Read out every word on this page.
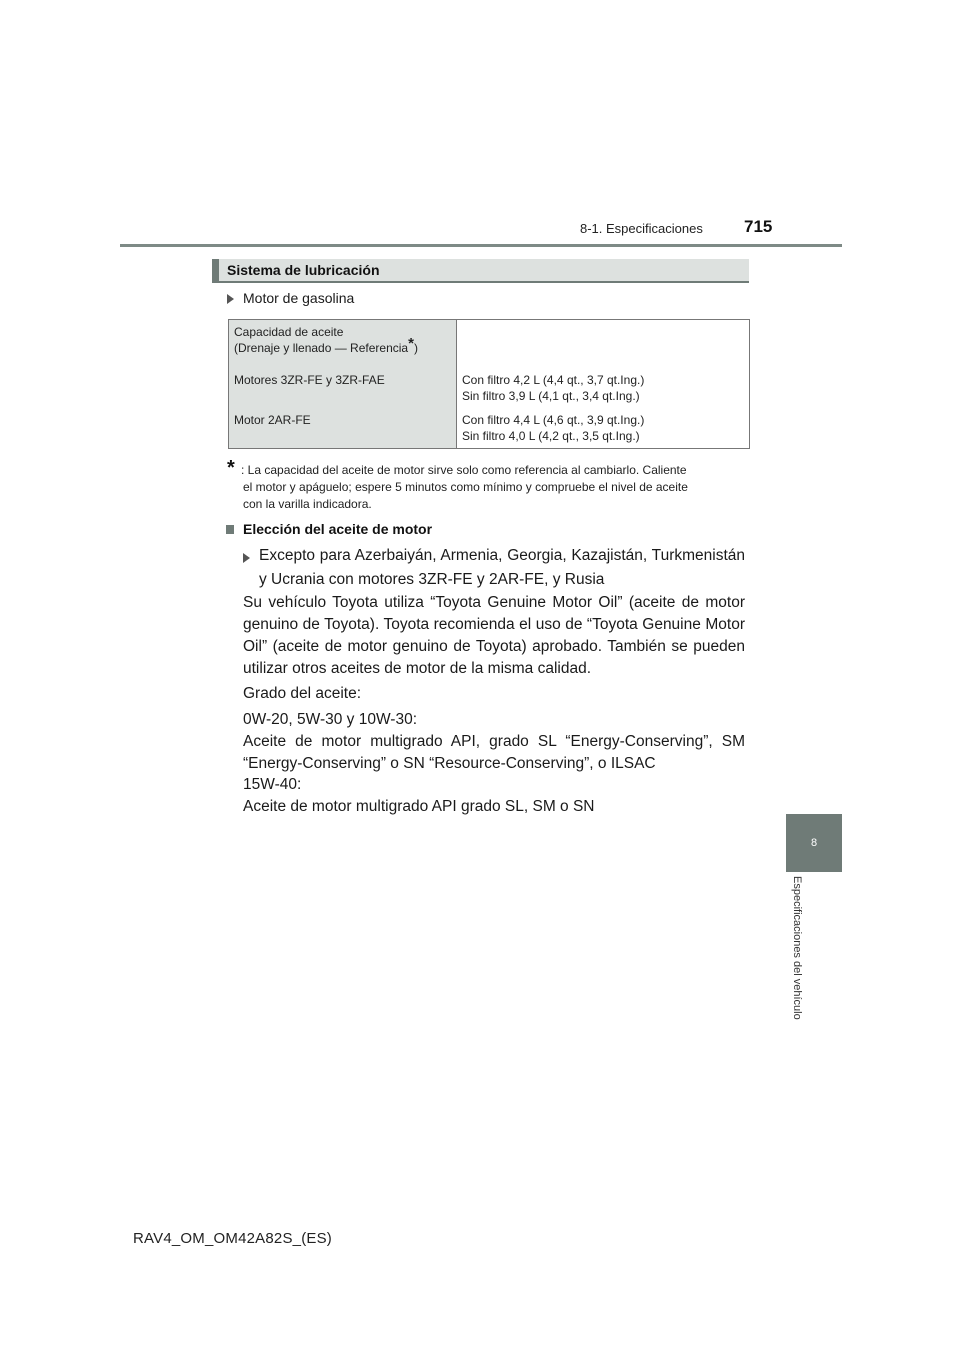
8-1. Especificaciones 715
8
Especificaciones del vehículo
Sistema de lubricación
Motor de gasolina
Capacidad de aceite
(Drenaje y llenado — Referencia*)	

Motores 3ZR-FE y 3ZR-FAE	Con filtro 4,2 L (4,4 qt., 3,7 qt.Ing.)
Sin filtro 3,9 L (4,1 qt., 3,4 qt.Ing.)

Motor 2AR-FE	Con filtro 4,4 L (4,6 qt., 3,9 qt.Ing.)
Sin filtro 4,0 L (4,2 qt., 3,5 qt.Ing.)
* : La capacidad del aceite de motor sirve solo como referencia al cambiarlo. Caliente
el motor y apáguelo; espere 5 minutos como mínimo y compruebe el nivel de aceite
con la varilla indicadora.
Elección del aceite de motor
Excepto para Azerbaiyán, Armenia, Georgia, Kazajistán, Turkmenistán y Ucrania con motores 3ZR-FE y 2AR-FE, y Rusia
Su vehículo Toyota utiliza “Toyota Genuine Motor Oil” (aceite de motor genuino de Toyota). Toyota recomienda el uso de “Toyota Genuine Motor Oil” (aceite de motor genuino de Toyota) aprobado. También se pueden utilizar otros aceites de motor de la misma calidad.
Grado del aceite:
0W-20, 5W-30 y 10W-30:
Aceite de motor multigrado API, grado SL “Energy-Conserving”, SM “Energy-Conserving” o SN “Resource-Conserving”, o ILSAC
15W-40:
Aceite de motor multigrado API grado SL, SM o SN
RAV4_OM_OM42A82S_(ES)
